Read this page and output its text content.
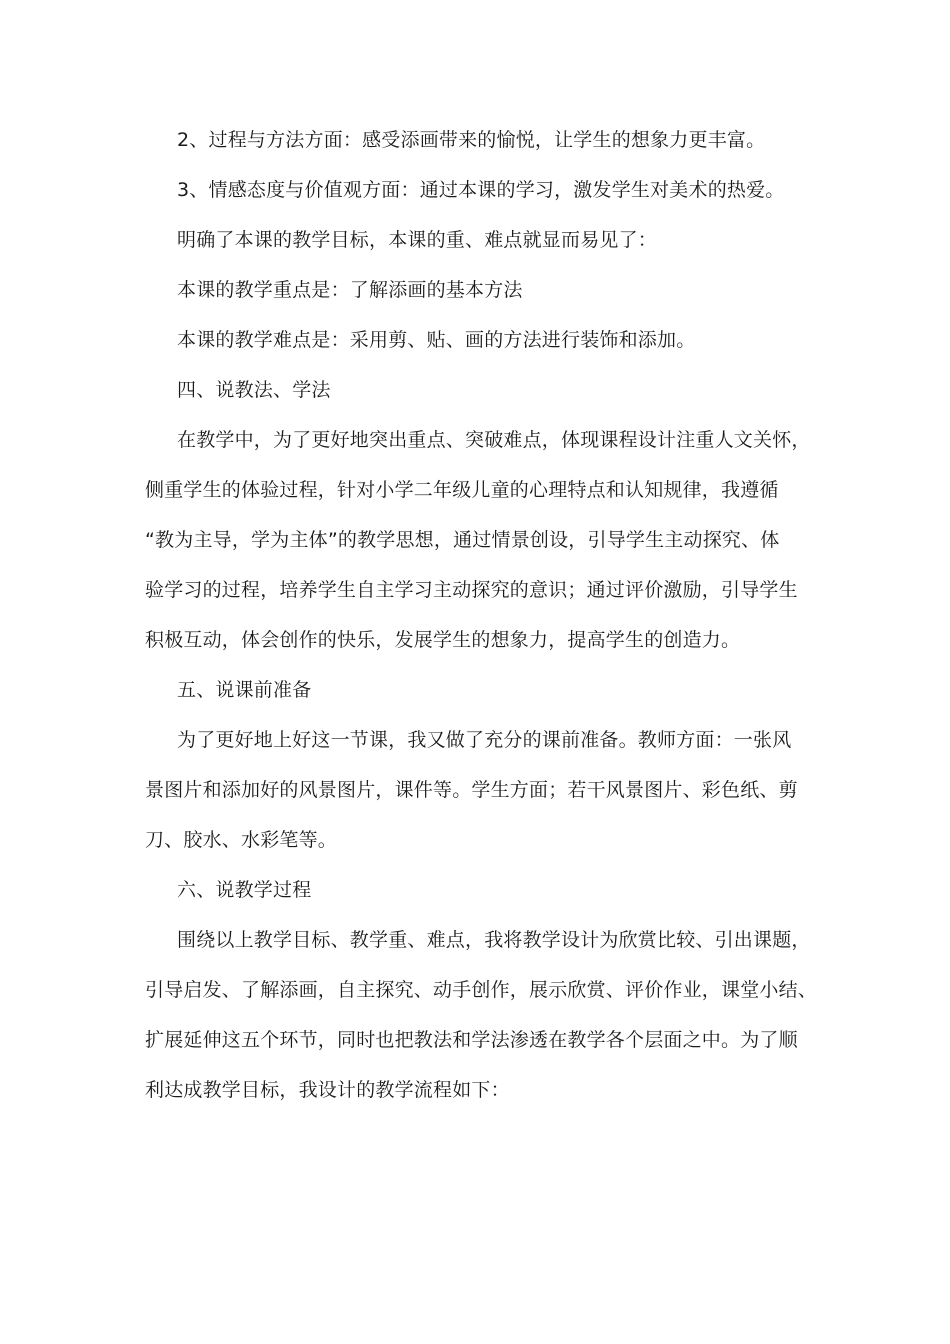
2、过程与方法方面：感受添画带来的愉悦，让学生的想象力更丰富。
3、情感态度与价值观方面：通过本课的学习，激发学生对美术的热爱。
明确了本课的教学目标，本课的重、难点就显而易见了：
本课的教学重点是：了解添画的基本方法
本课的教学难点是：采用剪、贴、画的方法进行装饰和添加。
四、说教法、学法
在教学中，为了更好地突出重点、突破难点，体现课程设计注重人文关怀，
侧重学生的体验过程，针对小学二年级儿童的心理特点和认知规律，我遵循
“教为主导，学为主体”的教学思想，通过情景创设，引导学生主动探究、体
验学习的过程，培养学生自主学习主动探究的意识；通过评价激励，引导学生
积极互动，体会创作的快乐，发展学生的想象力，提高学生的创造力。
五、说课前准备
为了更好地上好这一节课，我又做了充分的课前准备。教师方面：一张风
景图片和添加好的风景图片，课件等。学生方面；若干风景图片、彩色纸、剪
刀、胶水、水彩笔等。
六、说教学过程
围绕以上教学目标、教学重、难点，我将教学设计为欣赏比较、引出课题，
引导启发、了解添画，自主探究、动手创作，展示欣赏、评价作业，课堂小结、
扩展延伸这五个环节，同时也把教法和学法渗透在教学各个层面之中。为了顺
利达成教学目标，我设计的教学流程如下：
